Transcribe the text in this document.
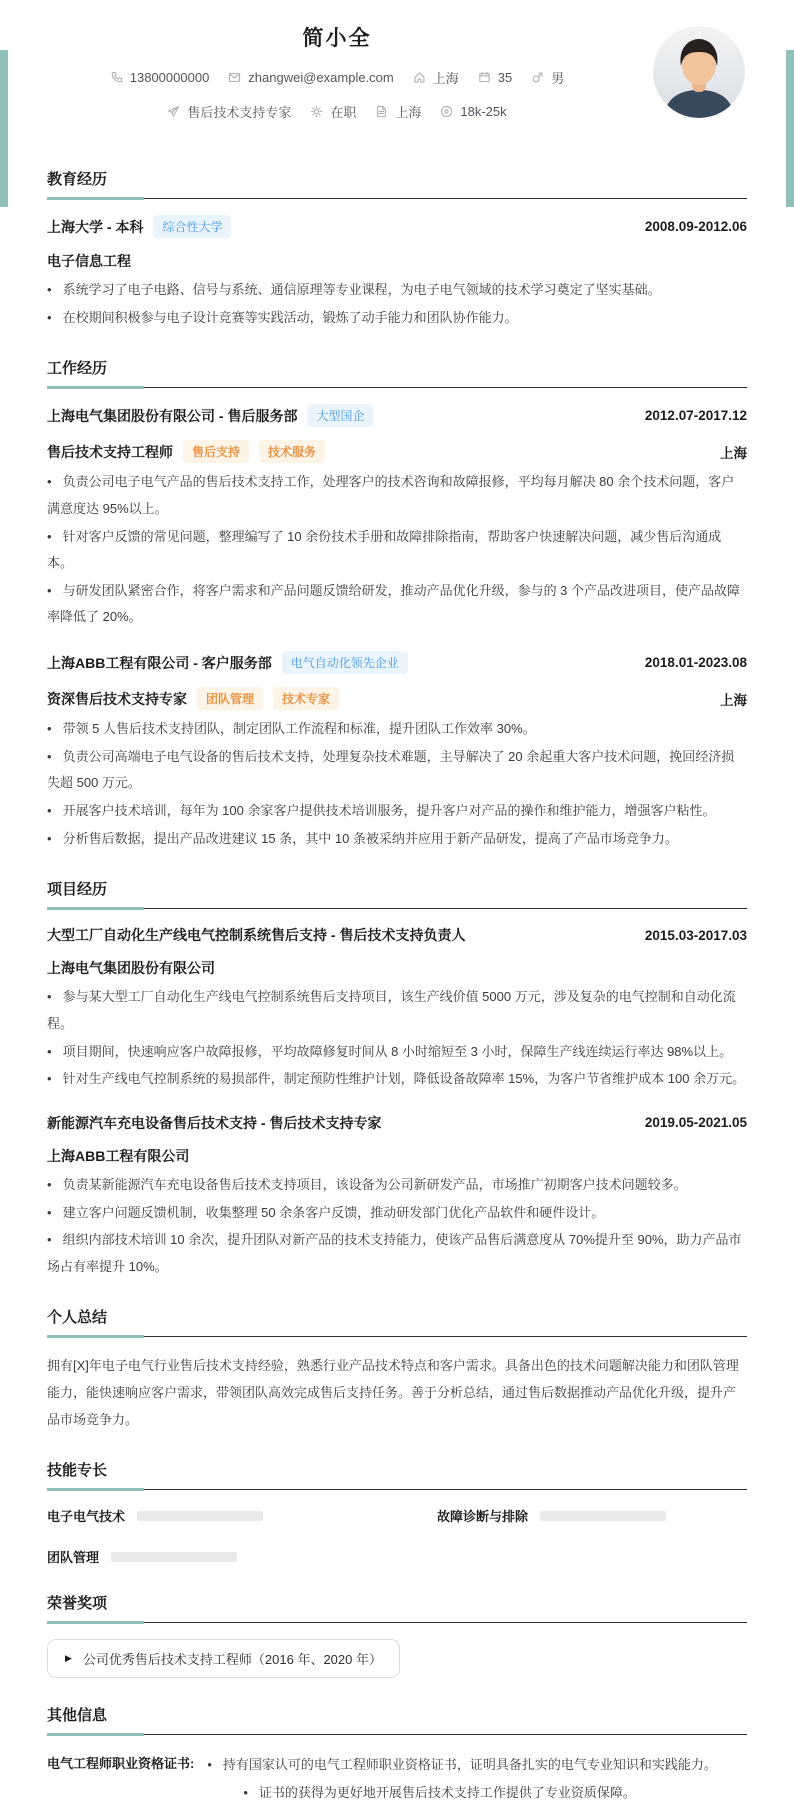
简小全
13800000000	zhangwei@example.com	上海	35	男
售后技术支持专家	在职	上海	18k-25k
教育经历
上海大学 - 本科	综合性大学	2008.09-2012.06
电子信息工程

• 系统学习了电子电路、信号与系统、通信原理等专业课程，为电子电气领域的技术学习奠定了坚实基础。

• 在校期间积极参与电子设计竞赛等实践活动，锻炼了动手能力和团队协作能力。

工作经历
上海电气集团股份有限公司 - 售后服务部	大型国企	2012.07-2017.12
售后技术支持工程师	售后支持	技术服务	上海

• 负责公司电子电气产品的售后技术支持工作，处理客户的技术咨询和故障报修，平均每月解决 80 余个技术问题，客户满意度达 95%以上。

• 针对客户反馈的常见问题，整理编写了 10 余份技术手册和故障排除指南，帮助客户快速解决问题，减少售后沟通成本。

• 与研发团队紧密合作，将客户需求和产品问题反馈给研发，推动产品优化升级，参与的 3 个产品改进项目，使产品故障率降低了 20%。

上海ABB工程有限公司 - 客户服务部	电气自动化领先企业	2018.01-2023.08
资深售后技术支持专家	团队管理	技术专家	上海

• 带领 5 人售后技术支持团队，制定团队工作流程和标准，提升团队工作效率 30%。

• 负责公司高端电子电气设备的售后技术支持，处理复杂技术难题，主导解决了 20 余起重大客户技术问题，挽回经济损失超 500 万元。

• 开展客户技术培训，每年为 100 余家客户提供技术培训服务，提升客户对产品的操作和维护能力，增强客户粘性。

• 分析售后数据，提出产品改进建议 15 条，其中 10 条被采纳并应用于新产品研发，提高了产品市场竞争力。

项目经历
大型工厂自动化生产线电气控制系统售后支持 - 售后技术支持负责人	2015.03-2017.03
上海电气集团股份有限公司

• 参与某大型工厂自动化生产线电气控制系统售后支持项目，该生产线价值 5000 万元，涉及复杂的电气控制和自动化流程。

• 项目期间，快速响应客户故障报修，平均故障修复时间从 8 小时缩短至 3 小时，保障生产线连续运行率达 98%以上。

• 针对生产线电气控制系统的易损部件，制定预防性维护计划，降低设备故障率 15%，为客户节省维护成本 100 余万元。

新能源汽车充电设备售后技术支持 - 售后技术支持专家	2019.05-2021.05
上海ABB工程有限公司

• 负责某新能源汽车充电设备售后技术支持项目，该设备为公司新研发产品，市场推广初期客户技术问题较多。

• 建立客户问题反馈机制，收集整理 50 余条客户反馈，推动研发部门优化产品软件和硬件设计。

• 组织内部技术培训 10 余次，提升团队对新产品的技术支持能力，使该产品售后满意度从 70%提升至 90%，助力产品市场占有率提升 10%。

个人总结

拥有[X]年电子电气行业售后技术支持经验，熟悉行业产品技术特点和客户需求。具备出色的技术问题解决能力和团队管理能力，能快速响应客户需求，带领团队高效完成售后支持任务。善于分析总结，通过售后数据推动产品优化升级，提升产品市场竞争力。

技能专长
电子电气技术	故障诊断与排除
团队管理
荣誉奖项
▶ 公司优秀售后技术支持工程师（2016 年、2020 年）
其他信息
电气工程师职业资格证书:	• 持有国家认可的电气工程师职业资格证书，证明具备扎实的电气专业知识和实践能力。

• 证书的获得为更好地开展售后技术支持工作提供了专业资质保障。
